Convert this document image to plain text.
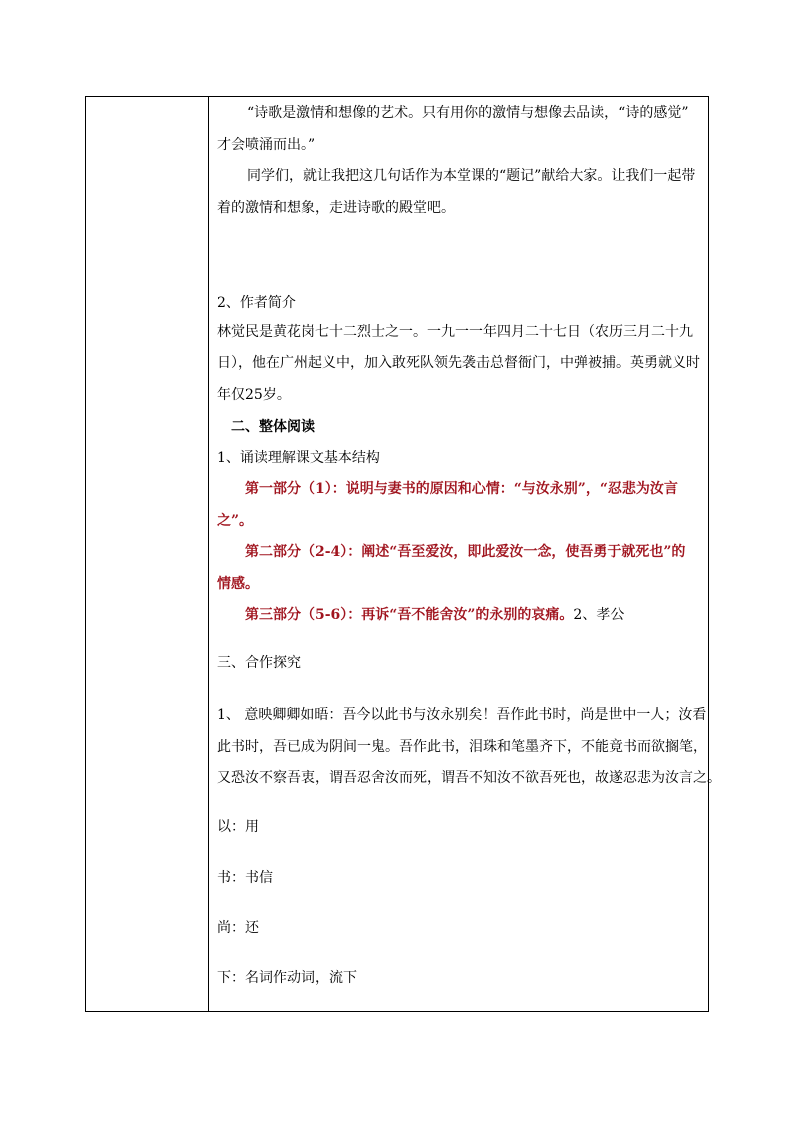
“诗歌是激情和想像的艺术。只有用你的激情与想像去品读，“诗的感觉”
才会喷涌而出。”
同学们，就让我把这几句话作为本堂课的“题记”献给大家。让我们一起带
着的激情和想象，走进诗歌的殿堂吧。
2、作者简介
林觉民是黄花岗七十二烈士之一。一九一一年四月二十七日（农历三月二十九
日），他在广州起义中，加入敢死队领先袭击总督衙门，中弹被捕。英勇就义时
年仅25岁。
二、整体阅读
1、诵读理解课文基本结构
第一部分（1）：说明与妻书的原因和心情：“与汝永别”，“忍悲为汝言
之”。
第二部分（2-4）：阐述“吾至爱汝，即此爱汝一念，使吾勇于就死也”的
情感。
第三部分（5-6）：再诉“吾不能舍汝”的永别的哀痛。2、孝公
三、合作探究
1、 意映卿卿如晤：吾今以此书与汝永别矣！吾作此书时，尚是世中一人；汝看
此书时，吾已成为阴间一鬼。吾作此书，泪珠和笔墨齐下，不能竟书而欲搁笔，
又恐汝不察吾衷，谓吾忍舍汝而死，谓吾不知汝不欲吾死也，故遂忍悲为汝言之。
以：用
书：书信
尚：还
下：名词作动词，流下
